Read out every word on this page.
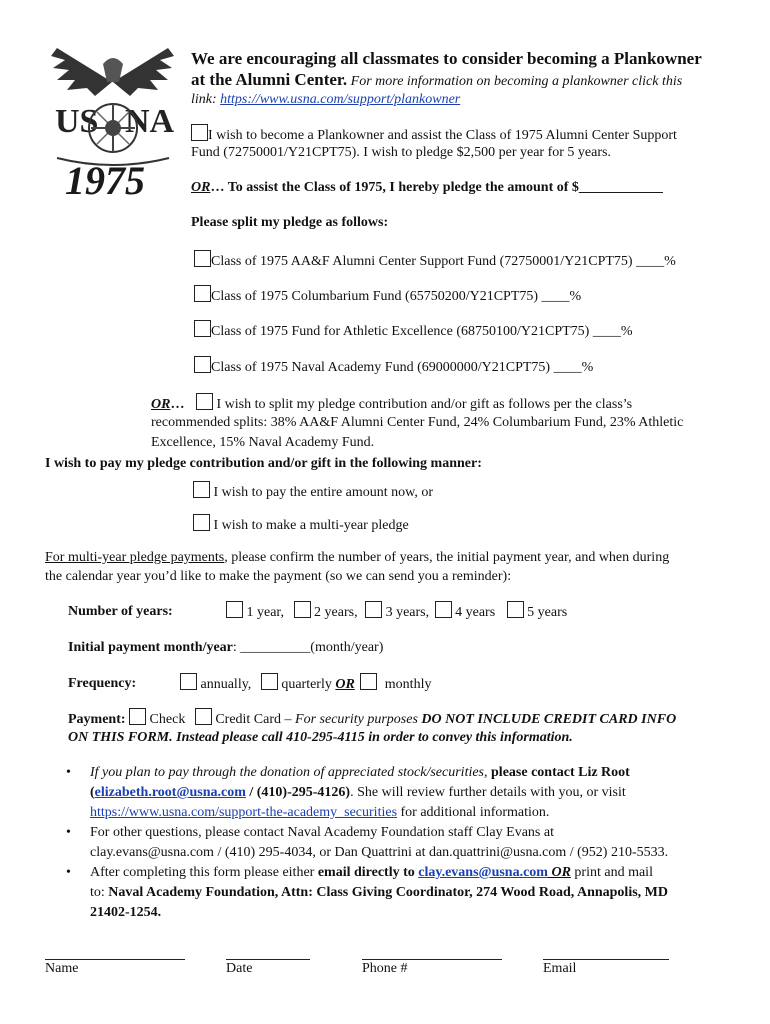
US NA
1975
We are encouraging all classmates to consider becoming a Plankowner
at the Alumni Center. For more information on becoming a plankowner click this
link: https://www.usna.com/support/plankowner
I wish to become a Plankowner and assist the Class of 1975 Alumni Center Support
Fund (72750001/Y21CPT75). I wish to pledge $2,500 per year for 5 years.
OR… To assist the Class of 1975, I hereby pledge the amount of $____________
Please split my pledge as follows:
Class of 1975 AA&F Alumni Center Support Fund (72750001/Y21CPT75) ____%
Class of 1975 Columbarium Fund (65750200/Y21CPT75) ____%
Class of 1975 Fund for Athletic Excellence (68750100/Y21CPT75) ____%
Class of 1975 Naval Academy Fund (69000000/Y21CPT75) ____%
OR… I wish to split my pledge contribution and/or gift as follows per the class’s
recommended splits: 38% AA&F Alumni Center Fund, 24% Columbarium Fund, 23% Athletic
Excellence, 15% Naval Academy Fund.
I wish to pay my pledge contribution and/or gift in the following manner:
I wish to pay the entire amount now, or
I wish to make a multi-year pledge
For multi-year pledge payments, please confirm the number of years, the initial payment year, and when during
the calendar year you’d like to make the payment (so we can send you a reminder):
Number of years:	1 year, 2 years, 3 years, 4 years 5 years
Initial payment month/year: __________(month/year)
Frequency:	annually, quarterly OR monthly
Payment: Check Credit Card – For security purposes DO NOT INCLUDE CREDIT CARD INFO
ON THIS FORM. Instead please call 410-295-4115 in order to convey this information.
• If you plan to pay through the donation of appreciated stock/securities, please contact Liz Root
(elizabeth.root@usna.com / (410)-295-4126). She will review further details with you, or visit
https://www.usna.com/support-the-academy_securities for additional information.
• For other questions, please contact Naval Academy Foundation staff Clay Evans at
clay.evans@usna.com / (410) 295-4034, or Dan Quattrini at dan.quattrini@usna.com / (952) 210-5533.
• After completing this form please either email directly to clay.evans@usna.com OR print and mail
to: Naval Academy Foundation, Attn: Class Giving Coordinator, 274 Wood Road, Annapolis, MD
21402-1254.
Name	Date	Phone #	Email
